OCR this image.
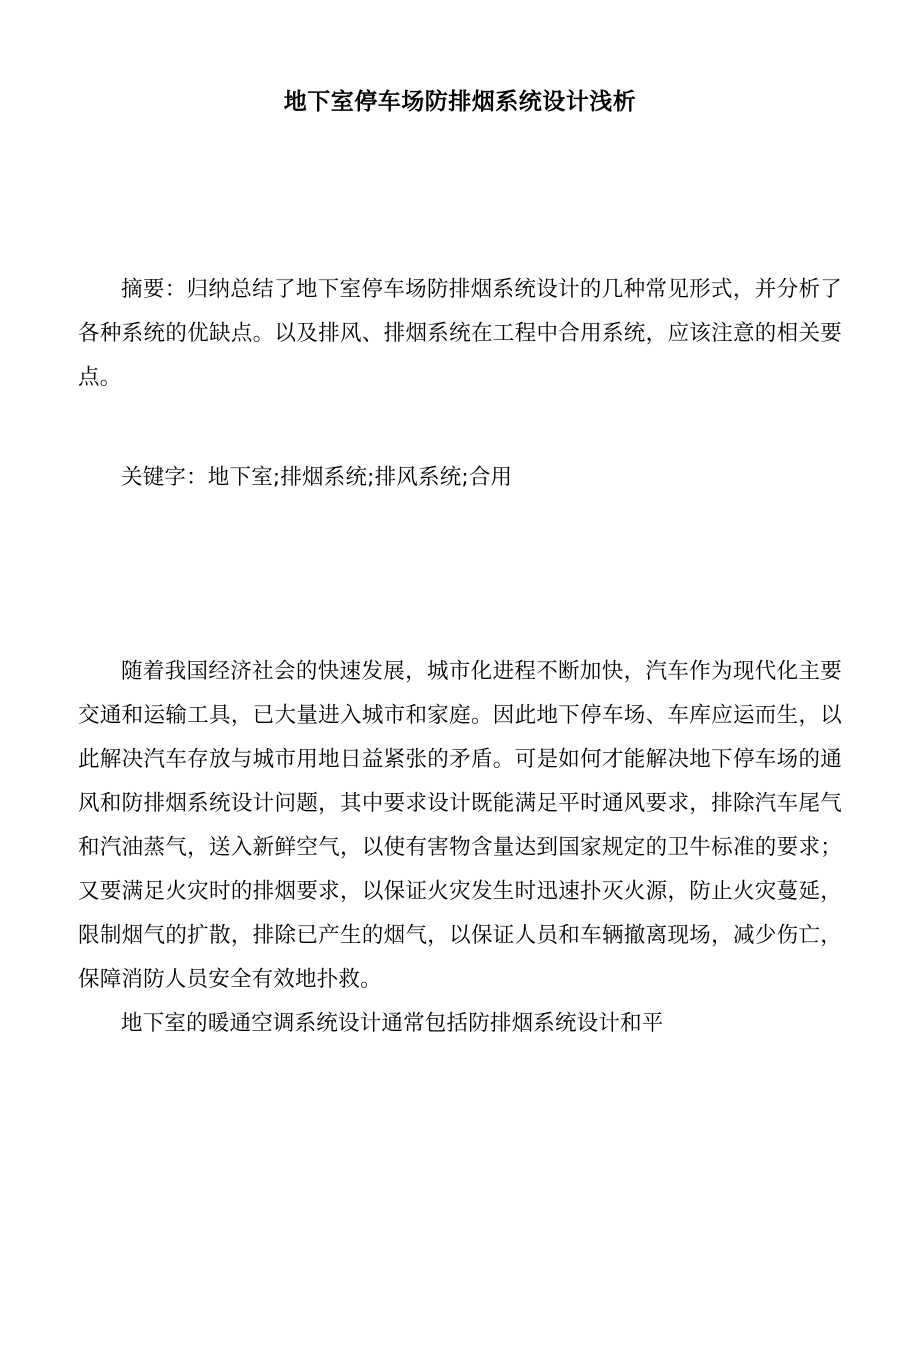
地下室停车场防排烟系统设计浅析

摘要：归纳总结了地下室停车场防排烟系统设计的几种常见形式，并分析了各种系统的优缺点。以及排风、排烟系统在工程中合用系统，应该注意的相关要点。

关键字：地下室;排烟系统;排风系统;合用

随着我国经济社会的快速发展，城市化进程不断加快，汽车作为现代化主要交通和运输工具，已大量进入城市和家庭。因此地下停车场、车库应运而生，以此解决汽车存放与城市用地日益紧张的矛盾。可是如何才能解决地下停车场的通风和防排烟系统设计问题，其中要求设计既能满足平时通风要求，排除汽车尾气和汽油蒸气，送入新鲜空气，以使有害物含量达到国家规定的卫牛标准的要求；又要满足火灾时的排烟要求，以保证火灾发生时迅速扑灭火源，防止火灾蔓延，限制烟气的扩散，排除已产生的烟气，以保证人员和车辆撤离现场，减少伤亡，保障消防人员安全有效地扑救。

地下室的暖通空调系统设计通常包括防排烟系统设计和平
